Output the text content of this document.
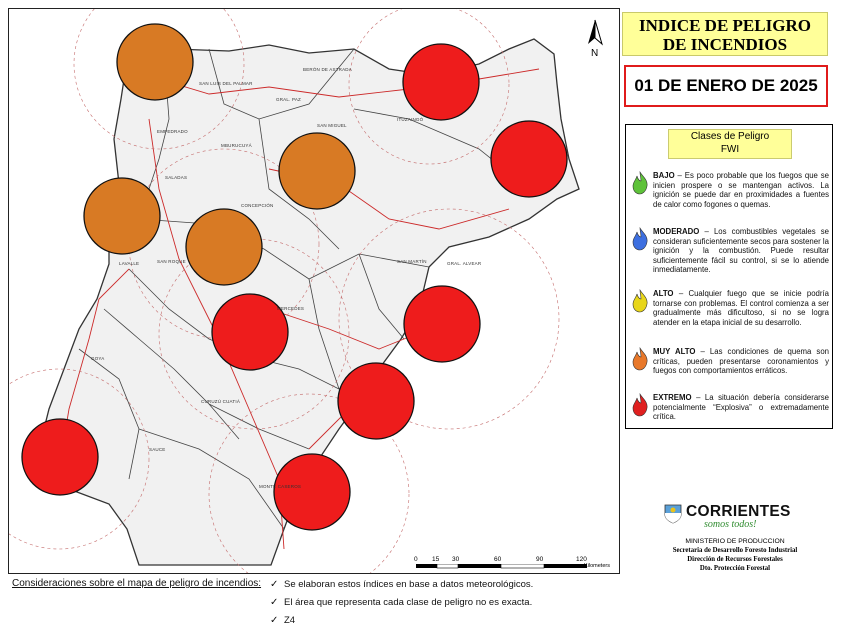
ITUZAINGÓ
BERÓN DE ASTRADA
SAN LUIS DEL PALMAR
GRAL. PAZ
SAN MIGUEL
EMPEDRADO
MBURUCUYÁ
SALADAS
CONCEPCIÓN
SAN ROQUE
LAVALLE	SAN MARTÍN	GRAL. ALVEAR
MERCEDES
GOYA
CURUZÚ CUATIÁ
SAUCE
MONTE CASEROS
N
0 15 30	60	90	120
Kilometers
INDICE DE PELIGRO
DE INCENDIOS
01 DE ENERO DE 2025
Clases de Peligro
FWI
BAJO – Es poco probable que los fuegos que se inicien prospere o se mantengan activos. La ignición se puede dar en proximidades a fuentes de calor como fogones o quemas.
MODERADO – Los combustibles vegetales se consideran suficientemente secos para sostener la ignición y la combustión. Puede resultar suficientemente fácil su control, si se lo atiende inmediatamente.
ALTO – Cualquier fuego que se inicie podría tornarse con problemas. El control comienza a ser gradualmente más dificultoso, si no se logra atender en la etapa inicial de su desarrollo.
MUY ALTO – Las condiciones de quema son críticas, pueden presentarse coronamientos y fuegos con comportamientos erráticos.
EXTREMO – La situación debería considerarse potencialmente “Explosiva” o extremadamente crítica.
CORRIENTES
somos todos!
MINISTERIO DE PRODUCCION
Secretaria de Desarrollo Foresto Industrial
Dirección de Recursos Forestales
Dto. Protección Forestal
Consideraciones sobre el mapa de peligro de incendios: ✓ Se elaboran estos índices en base a datos meteorológicos.
✓ El área que representa cada clase de peligro no es exacta.
✓ Z4
